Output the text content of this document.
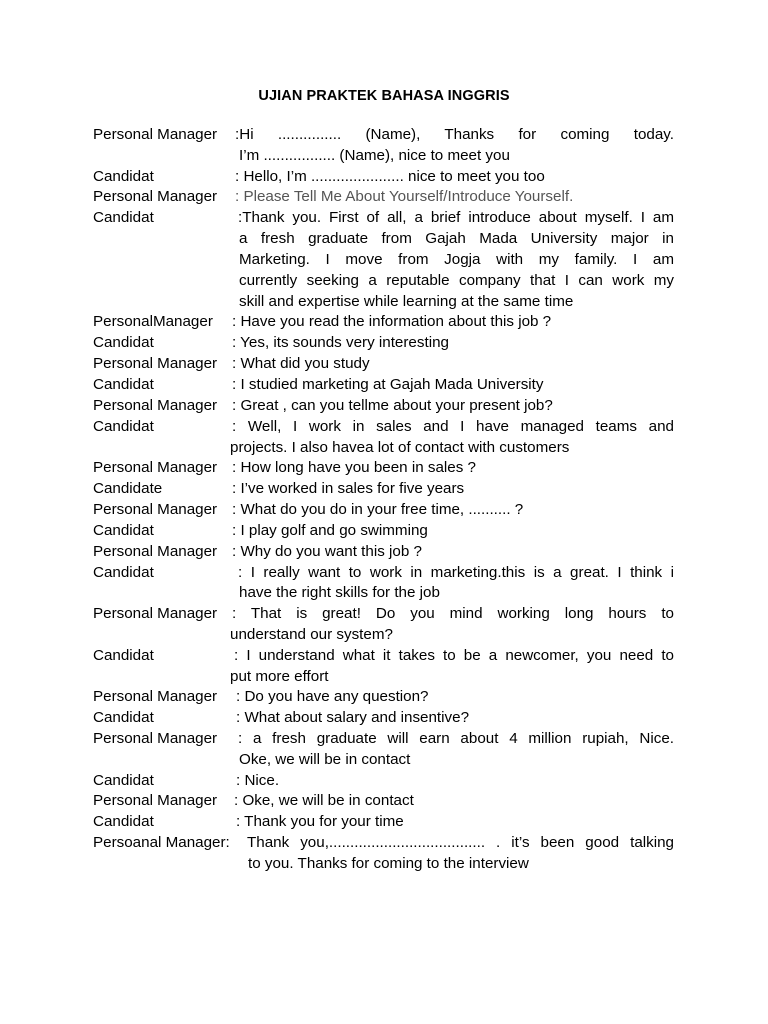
UJIAN PRAKTEK BAHASA INGGRIS
Personal Manager :Hi ............... (Name), Thanks for coming today.
I’m ................. (Name), nice to meet you
Candidat	: Hello, I’m ...................... nice to meet you too
Personal Manager : Please Tell Me About Yourself/Introduce Yourself.
Candidat	:Thank you. First of all, a brief introduce about myself. I am
a fresh graduate from Gajah Mada University major in
Marketing. I move from Jogja with my family. I am
currently seeking a reputable company that I can work my
skill and expertise while learning at the same time
PersonalManager : Have you read the information about this job ?
Candidat	: Yes, its sounds very interesting
Personal Manager : What did you study
Candidat	: I studied marketing at Gajah Mada University
Personal Manager : Great , can you tellme about your present job?
Candidat	: Well, I work in sales and I have managed teams and
projects. I also havea lot of contact with customers
Personal Manager : How long have you been in sales ?
Candidate	: I’ve worked in sales for five years
Personal Manager : What do you do in your free time, .......... ?
Candidat	: I play golf and go swimming
Personal Manager : Why do you want this job ?
Candidat	: I really want to work in marketing.this is a great. I think i
have the right skills for the job
Personal Manager : That is great! Do you mind working long hours to
understand our system?
Candidat	: I understand what it takes to be a newcomer, you need to
put more effort
Personal Manager : Do you have any question?
Candidat	: What about salary and insentive?
Personal Manager : a fresh graduate will earn about 4 million rupiah, Nice.
Oke, we will be in contact
Candidat	: Nice.
Personal Manager : Oke, we will be in contact
Candidat	: Thank you for your time
Persoanal Manager: Thank you,..................................... . it’s been good talking
to you. Thanks for coming to the interview
